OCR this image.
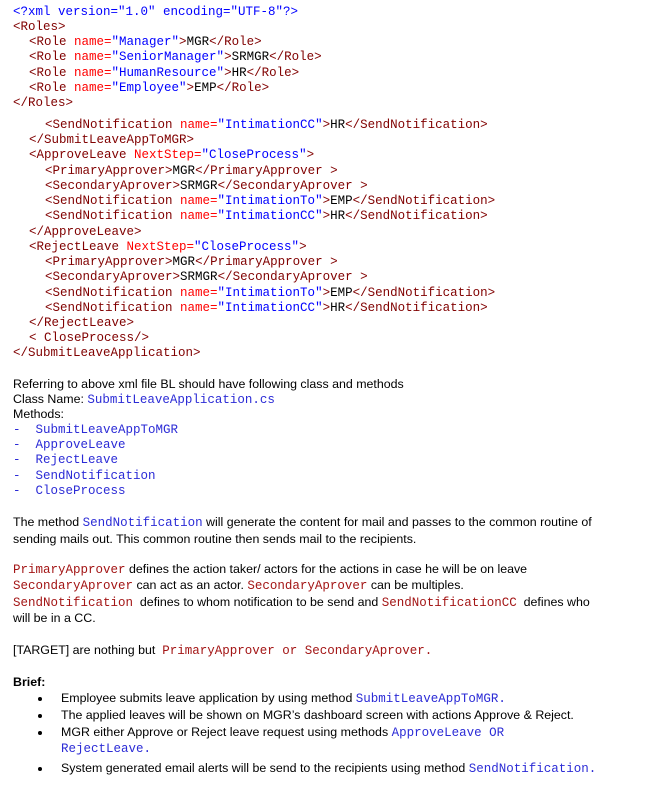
<?xml version="1.0" encoding="UTF-8"?>
<Roles>
<Role name="Manager">MGR</Role>
<Role name="SeniorManager">SRMGR</Role>
<Role name="HumanResource">HR</Role>
<Role name="Employee">EMP</Role>
</Roles>
<SendNotification name="IntimationCC">HR</SendNotification>
</SubmitLeaveAppToMGR>
<ApproveLeave NextStep="CloseProcess">
<PrimaryApprover>MGR</PrimaryApprover >
<SecondaryAprover>SRMGR</SecondaryAprover >
<SendNotification name="IntimationTo">EMP</SendNotification>
<SendNotification name="IntimationCC">HR</SendNotification>
</ApproveLeave>
<RejectLeave NextStep="CloseProcess">
<PrimaryApprover>MGR</PrimaryApprover >
<SecondaryAprover>SRMGR</SecondaryAprover >
<SendNotification name="IntimationTo">EMP</SendNotification>
<SendNotification name="IntimationCC">HR</SendNotification>
</RejectLeave>
< CloseProcess/>
</SubmitLeaveApplication>
Referring to above xml file BL should have following class and methods
Class Name: SubmitLeaveApplication.cs
Methods:
-  SubmitLeaveAppToMGR
-  ApproveLeave
-  RejectLeave
-  SendNotification
-  CloseProcess
The method SendNotification will generate the content for mail and passes to the common routine of
sending mails out. This common routine then sends mail to the recipients.
PrimaryApprover defines the action taker/ actors for the actions in case he will be on leave
SecondaryAprover can act as an actor. SecondaryAprover can be multiples.
SendNotification  defines to whom notification to be send and SendNotificationCC  defines who
will be in a CC.
[TARGET] are nothing but  PrimaryApprover or SecondaryAprover.
Brief:
Employee submits leave application by using method SubmitLeaveAppToMGR.
The applied leaves will be shown on MGR’s dashboard screen with actions Approve & Reject.
MGR either Approve or Reject leave request using methods ApproveLeave OR
RejectLeave.
System generated email alerts will be send to the recipients using method SendNotification.
